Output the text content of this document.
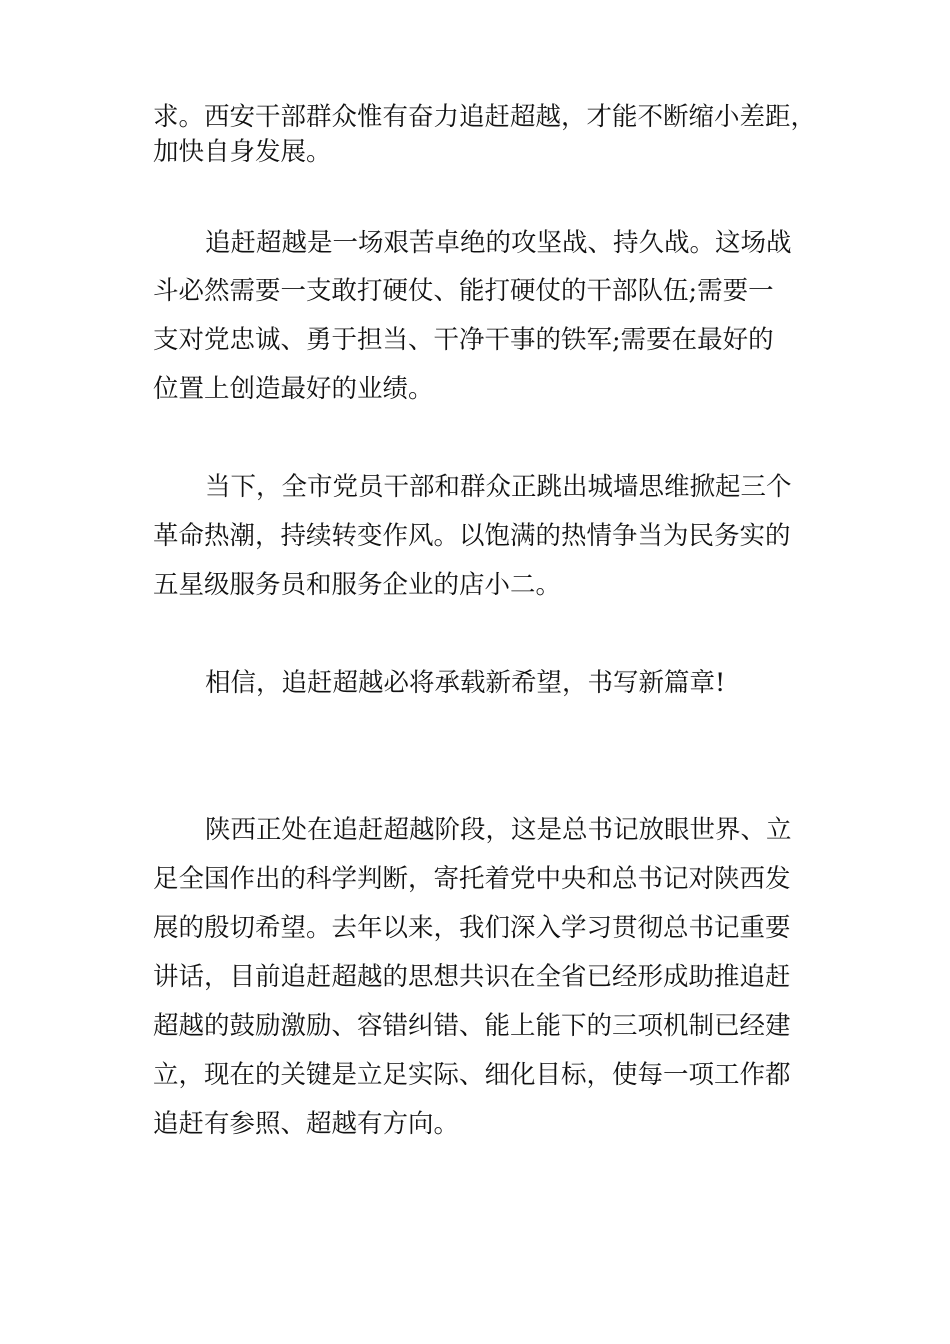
求。西安干部群众惟有奋力追赶超越，才能不断缩小差距，

加快自身发展。

追赶超越是一场艰苦卓绝的攻坚战、持久战。这场战

斗必然需要一支敢打硬仗、能打硬仗的干部队伍;需要一

支对党忠诚、勇于担当、干净干事的铁军;需要在最好的

位置上创造最好的业绩。

当下，全市党员干部和群众正跳出城墙思维掀起三个

革命热潮，持续转变作风。以饱满的热情争当为民务实的

五星级服务员和服务企业的店小二。

相信，追赶超越必将承载新希望，书写新篇章!

陕西正处在追赶超越阶段，这是总书记放眼世界、立

足全国作出的科学判断，寄托着党中央和总书记对陕西发

展的殷切希望。去年以来，我们深入学习贯彻总书记重要

讲话，目前追赶超越的思想共识在全省已经形成助推追赶

超越的鼓励激励、容错纠错、能上能下的三项机制已经建

立，现在的关键是立足实际、细化目标，使每一项工作都

追赶有参照、超越有方向。
